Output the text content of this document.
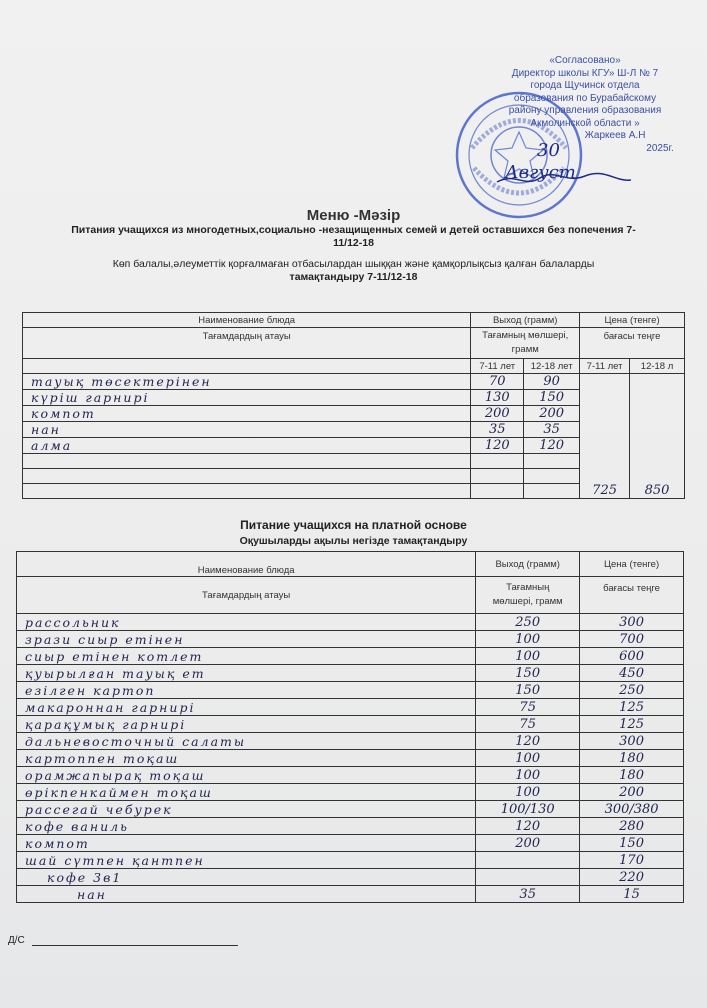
«Согласовано»
Директор школы КГУ» Ш-Л № 7
города Щучинск отдела
образования по Бурабайскому
району управления образования
Акмолинской области »
Жаркеев А.Н
2025г.
30
Август
Меню -Мәзір
Питания учащихся из многодетных,социально -незащищенных семей и детей оставшихся без попечения 7-11/12-18
Көп балалы,әлеуметтік қорғалмаған отбасылардан шыққан және қамқорлықсыз қалған балаларды
тамақтандыру 7-11/12-18
Наименование блюда	Выход (грамм)		Цена (тенге)	
Тағамдардың атауы	Тағамның мөлшері, грамм		бағасы теңге	

	7-11 лет	12-18 лет	7-11 лет	12-18 л
тауық төсектерінен	70	90	725	850
күріш гарнирі	130	150		
компот	200	200		
нан	35	35		
алма	120	120		

Питание учащихся на платной основе
Оқушыларды ақылы негізде тамақтандыру
Наименование блюда	Выход (грамм)	Цена (тенге)
Тағамдардың атауы	Тағамның мөлшері, грамм	бағасы теңге
рассольник	250	300
зрази сиыр етінен	100	700
сиыр етінен котлет	100	600
қуырылған тауық ет	150	450
езілген картоп	150	250
макароннан гарнирі	75	125
қарақұмық гарнирі	75	125
дальневосточный салаты	120	300
картоппен тоқаш	100	180
орамжапырақ тоқаш	100	180
өрікпенкаймен тоқаш	100	200
рассегай чебурек	100/130	300/380
кофе ваниль	120	280
компот	200	150
шай сүтпен қантпен		170
кофе 3в1		220
нан	35	15
Д/С
